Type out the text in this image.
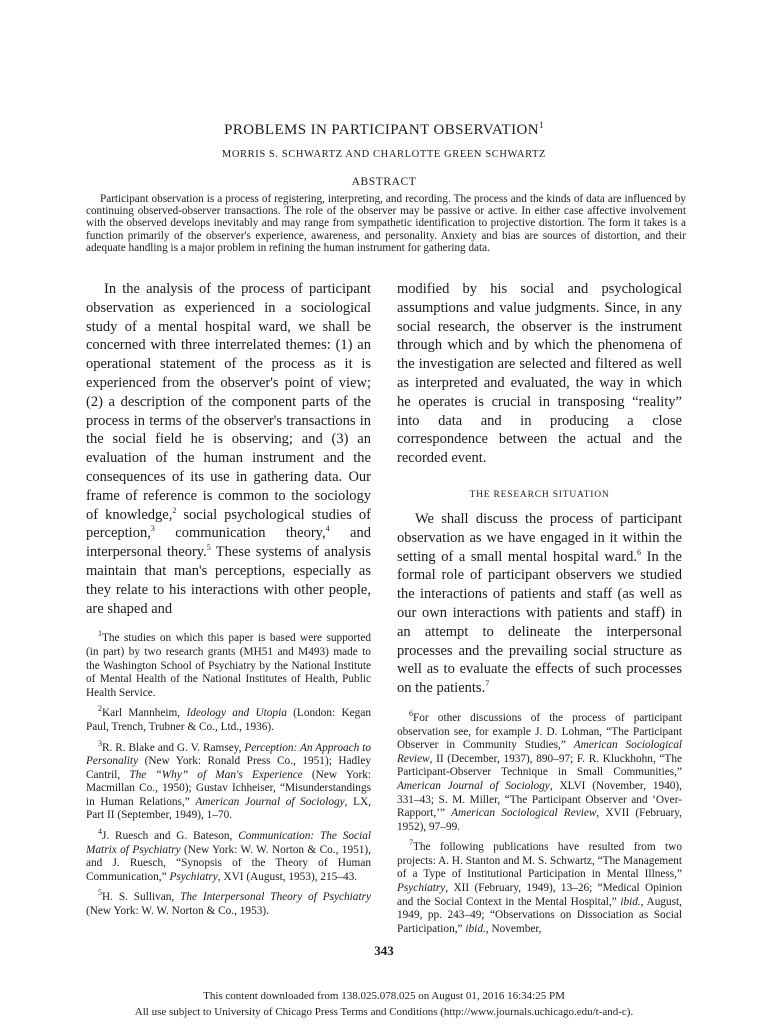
PROBLEMS IN PARTICIPANT OBSERVATION$^1$
MORRIS S. SCHWARTZ AND CHARLOTTE GREEN SCHWARTZ
ABSTRACT

Participant observation is a process of registering, interpreting, and recording. The process and the kinds of data are influenced by continuing observed-observer transactions. The role of the observer may be passive or active. In either case affective involvement with the observed develops inevitably and may range from sympathetic identification to projective distortion. The form it takes is a function primarily of the observer's experience, awareness, and personality. Anxiety and bias are sources of distortion, and their adequate handling is a major problem in refining the human instrument for gathering data.

In the analysis of the process of participant observation as experienced in a sociological study of a mental hospital ward, we shall be concerned with three interrelated themes: (1) an operational statement of the process as it is experienced from the observer's point of view; (2) a description of the component parts of the process in terms of the observer's transactions in the social field he is observing; and (3) an evaluation of the human instrument and the consequences of its use in gathering data. Our frame of reference is common to the sociology of knowledge,$^2$ social psychological studies of perception,$^3$ communication theory,$^4$ and interpersonal theory.$^5$ These systems of analysis maintain that man's perceptions, especially as they relate to his interactions with other people, are shaped and

$^1$The studies on which this paper is based were supported (in part) by two research grants (MH51 and M493) made to the Washington School of Psychiatry by the National Institute of Mental Health of the National Institutes of Health, Public Health Service.

$^2$Karl Mannheim, Ideology and Utopia (London: Kegan Paul, Trench, Trubner & Co., Ltd., 1936).

$^3$R. R. Blake and G. V. Ramsey, Perception: An Approach to Personality (New York: Ronald Press Co., 1951); Hadley Cantril, The “Why” of Man's Experience (New York: Macmillan Co., 1950); Gustav Ichheiser, “Misunderstandings in Human Relations,” American Journal of Sociology, LX, Part II (September, 1949), 1–70.

$^4$J. Ruesch and G. Bateson, Communication: The Social Matrix of Psychiatry (New York: W. W. Norton & Co., 1951), and J. Ruesch, “Synopsis of the Theory of Human Communication,” Psychiatry, XVI (August, 1953), 215–43.

$^5$H. S. Sullivan, The Interpersonal Theory of Psychiatry (New York: W. W. Norton & Co., 1953).

modified by his social and psychological assumptions and value judgments. Since, in any social research, the observer is the instrument through which and by which the phenomena of the investigation are selected and filtered as well as interpreted and evaluated, the way in which he operates is crucial in transposing “reality” into data and in producing a close correspondence between the actual and the recorded event.

THE RESEARCH SITUATION

We shall discuss the process of participant observation as we have engaged in it within the setting of a small mental hospital ward.$^6$ In the formal role of participant observers we studied the interactions of patients and staff (as well as our own interactions with patients and staff) in an attempt to delineate the interpersonal processes and the prevailing social structure as well as to evaluate the effects of such processes on the patients.$^7$

$^6$For other discussions of the process of participant observation see, for example J. D. Lohman, “The Participant Observer in Community Studies,” American Sociological Review, II (December, 1937), 890–97; F. R. Kluckhohn, “The Participant-Observer Technique in Small Communities,” American Journal of Sociology, XLVI (November, 1940), 331–43; S. M. Miller, “The Participant Observer and ‘Over-Rapport,’” American Sociological Review, XVII (February, 1952), 97–99.

$^7$The following publications have resulted from two projects: A. H. Stanton and M. S. Schwartz, “The Management of a Type of Institutional Participation in Mental Illness,” Psychiatry, XII (February, 1949), 13–26; “Medical Opinion and the Social Context in the Mental Hospital,” ibid., August, 1949, pp. 243–49; “Observations on Dissociation as Social Participation,” ibid., November,

343
This content downloaded from 138.025.078.025 on August 01, 2016 16:34:25 PM
All use subject to University of Chicago Press Terms and Conditions (http://www.journals.uchicago.edu/t-and-c).
